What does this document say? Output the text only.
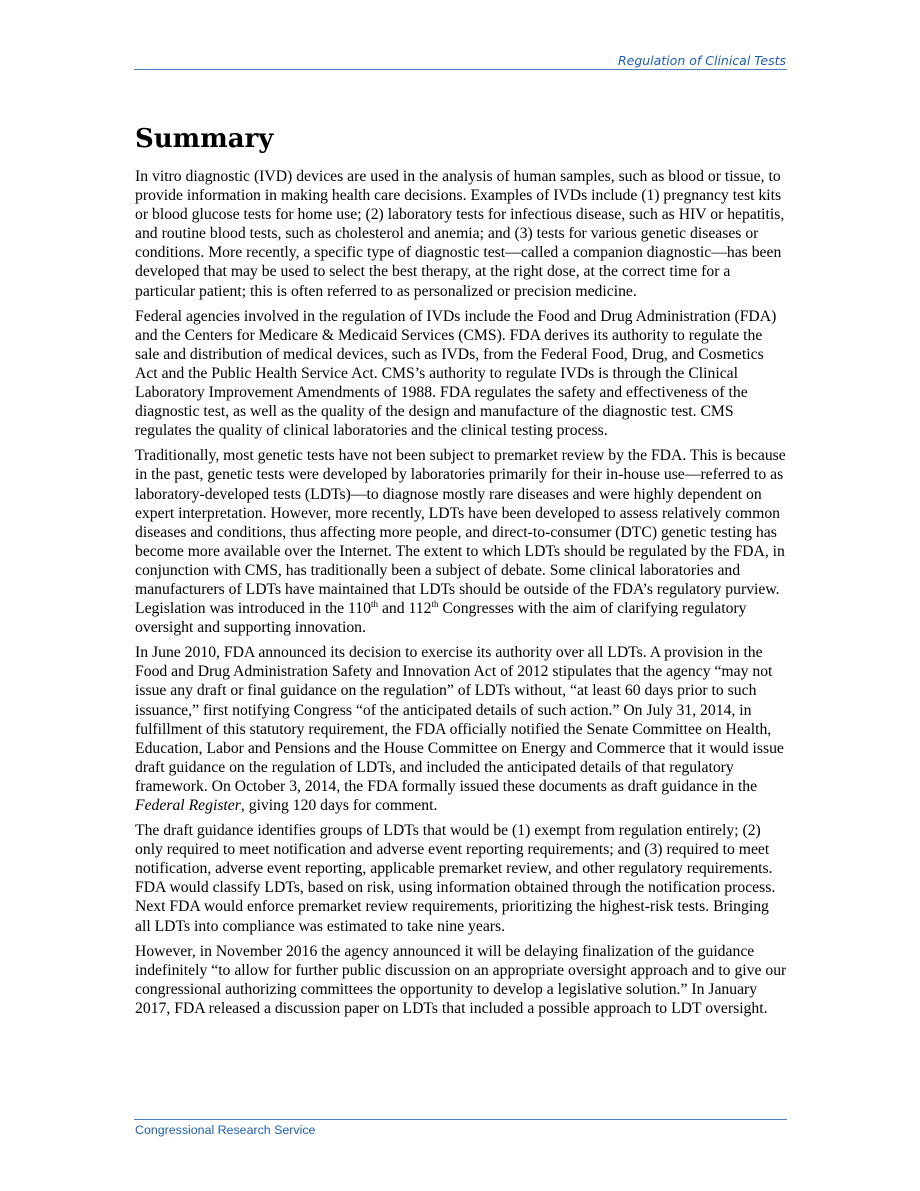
Regulation of Clinical Tests
Summary

In vitro diagnostic (IVD) devices are used in the analysis of human samples, such as blood or tissue, to provide information in making health care decisions. Examples of IVDs include (1) pregnancy test kits or blood glucose tests for home use; (2) laboratory tests for infectious disease, such as HIV or hepatitis, and routine blood tests, such as cholesterol and anemia; and (3) tests for various genetic diseases or conditions. More recently, a specific type of diagnostic test—called a companion diagnostic—has been developed that may be used to select the best therapy, at the right dose, at the correct time for a particular patient; this is often referred to as personalized or precision medicine.

Federal agencies involved in the regulation of IVDs include the Food and Drug Administration (FDA) and the Centers for Medicare & Medicaid Services (CMS). FDA derives its authority to regulate the sale and distribution of medical devices, such as IVDs, from the Federal Food, Drug, and Cosmetics Act and the Public Health Service Act. CMS’s authority to regulate IVDs is through the Clinical Laboratory Improvement Amendments of 1988. FDA regulates the safety and effectiveness of the diagnostic test, as well as the quality of the design and manufacture of the diagnostic test. CMS regulates the quality of clinical laboratories and the clinical testing process.

Traditionally, most genetic tests have not been subject to premarket review by the FDA. This is because in the past, genetic tests were developed by laboratories primarily for their in-house use—referred to as laboratory-developed tests (LDTs)—to diagnose mostly rare diseases and were highly dependent on expert interpretation. However, more recently, LDTs have been developed to assess relatively common diseases and conditions, thus affecting more people, and direct-to-consumer (DTC) genetic testing has become more available over the Internet. The extent to which LDTs should be regulated by the FDA, in conjunction with CMS, has traditionally been a subject of debate. Some clinical laboratories and manufacturers of LDTs have maintained that LDTs should be outside of the FDA’s regulatory purview. Legislation was introduced in the 110th and 112th Congresses with the aim of clarifying regulatory oversight and supporting innovation.

In June 2010, FDA announced its decision to exercise its authority over all LDTs. A provision in the Food and Drug Administration Safety and Innovation Act of 2012 stipulates that the agency “may not issue any draft or final guidance on the regulation” of LDTs without, “at least 60 days prior to such issuance,” first notifying Congress “of the anticipated details of such action.” On July 31, 2014, in fulfillment of this statutory requirement, the FDA officially notified the Senate Committee on Health, Education, Labor and Pensions and the House Committee on Energy and Commerce that it would issue draft guidance on the regulation of LDTs, and included the anticipated details of that regulatory framework. On October 3, 2014, the FDA formally issued these documents as draft guidance in the Federal Register, giving 120 days for comment.

The draft guidance identifies groups of LDTs that would be (1) exempt from regulation entirely; (2) only required to meet notification and adverse event reporting requirements; and (3) required to meet notification, adverse event reporting, applicable premarket review, and other regulatory requirements. FDA would classify LDTs, based on risk, using information obtained through the notification process. Next FDA would enforce premarket review requirements, prioritizing the highest-risk tests. Bringing all LDTs into compliance was estimated to take nine years.

However, in November 2016 the agency announced it will be delaying finalization of the guidance indefinitely “to allow for further public discussion on an appropriate oversight approach and to give our congressional authorizing committees the opportunity to develop a legislative solution.” In January 2017, FDA released a discussion paper on LDTs that included a possible approach to LDT oversight.

Congressional Research Service
